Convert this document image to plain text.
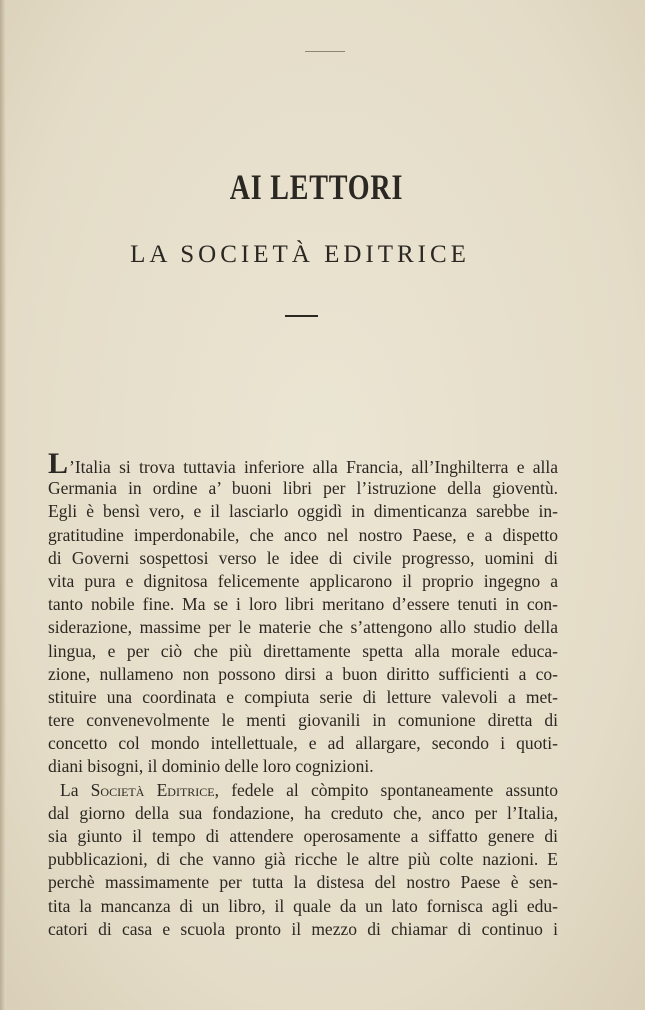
AI LETTORI
LA SOCIETÀ EDITRICE
L’Italia si trova tuttavia inferiore alla Francia, all’Inghilterra e alla
Germania in ordine a’ buoni libri per l’istruzione della gioventù.
Egli è bensì vero, e il lasciarlo oggidì in dimenticanza sarebbe in-
gratitudine imperdonabile, che anco nel nostro Paese, e a dispetto
di Governi sospettosi verso le idee di civile progresso, uomini di
vita pura e dignitosa felicemente applicarono il proprio ingegno a
tanto nobile fine. Ma se i loro libri meritano d’essere tenuti in con-
siderazione, massime per le materie che s’attengono allo studio della
lingua, e per ciò che più direttamente spetta alla morale educa-
zione, nullameno non possono dirsi a buon diritto sufficienti a co-
stituire una coordinata e compiuta serie di letture valevoli a met-
tere convenevolmente le menti giovanili in comunione diretta di
concetto col mondo intellettuale, e ad allargare, secondo i quoti-
diani bisogni, il dominio delle loro cognizioni.
La Società Editrice, fedele al còmpito spontaneamente assunto
dal giorno della sua fondazione, ha creduto che, anco per l’Italia,
sia giunto il tempo di attendere operosamente a siffatto genere di
pubblicazioni, di che vanno già ricche le altre più colte nazioni. E
perchè massimamente per tutta la distesa del nostro Paese è sen-
tita la mancanza di un libro, il quale da un lato fornisca agli edu-
catori di casa e scuola pronto il mezzo di chiamar di continuo i
